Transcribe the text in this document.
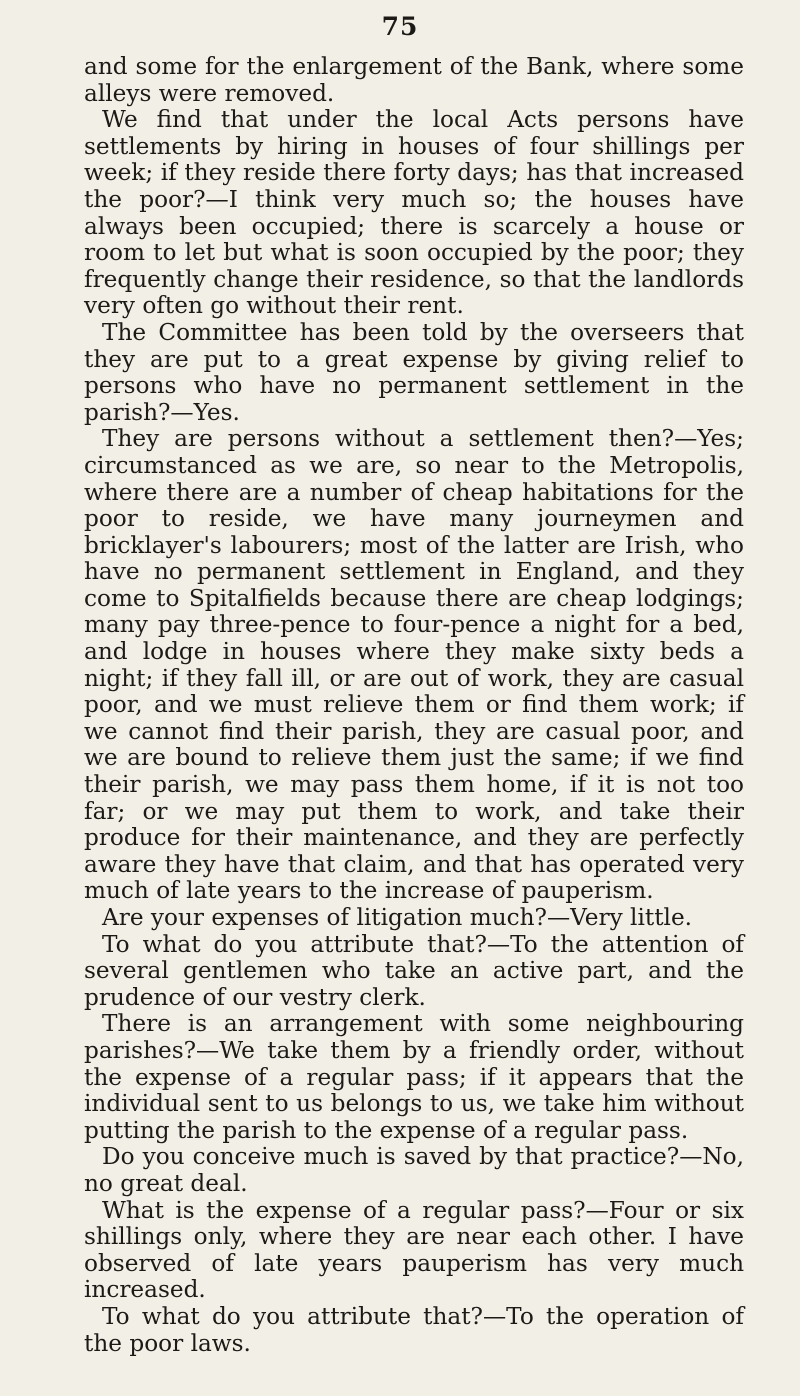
75

and some for the enlargement of the Bank, where some alleys were removed.

We find that under the local Acts persons have settlements by hiring in houses of four shillings per week; if they reside there forty days; has that increased the poor?—I think very much so; the houses have always been occupied; there is scarcely a house or room to let but what is soon occupied by the poor; they frequently change their residence, so that the landlords very often go without their rent.

The Committee has been told by the overseers that they are put to a great expense by giving relief to persons who have no permanent settlement in the parish?—Yes.

They are persons without a settlement then?—Yes; circumstanced as we are, so near to the Metropolis, where there are a number of cheap habitations for the poor to reside, we have many journeymen and bricklayer's labourers; most of the latter are Irish, who have no permanent settlement in England, and they come to Spitalfields because there are cheap lodgings; many pay three-pence to four-pence a night for a bed, and lodge in houses where they make sixty beds a night; if they fall ill, or are out of work, they are casual poor, and we must relieve them or find them work; if we cannot find their parish, they are casual poor, and we are bound to relieve them just the same; if we find their parish, we may pass them home, if it is not too far; or we may put them to work, and take their produce for their maintenance, and they are perfectly aware they have that claim, and that has operated very much of late years to the increase of pauperism.

Are your expenses of litigation much?—Very little.

To what do you attribute that?—To the attention of several gentlemen who take an active part, and the prudence of our vestry clerk.

There is an arrangement with some neighbouring parishes?—We take them by a friendly order, without the expense of a regular pass; if it appears that the individual sent to us belongs to us, we take him without putting the parish to the expense of a regular pass.

Do you conceive much is saved by that practice?—No, no great deal.

What is the expense of a regular pass?—Four or six shillings only, where they are near each other. I have observed of late years pauperism has very much increased.

To what do you attribute that?—To the operation of the poor laws.
